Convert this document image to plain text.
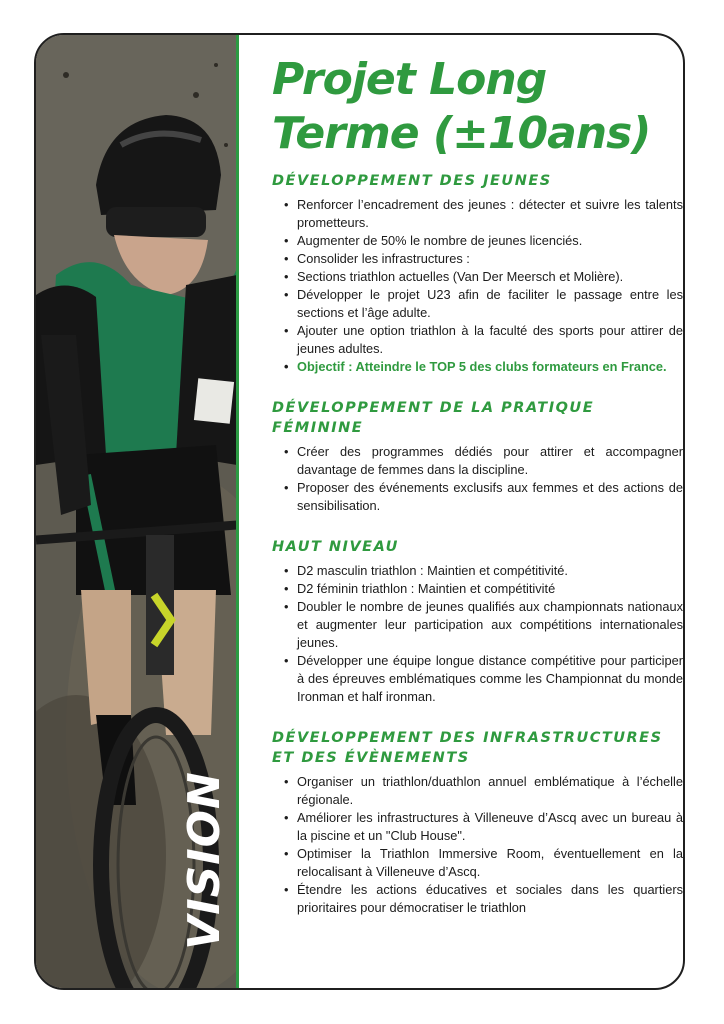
VISION
Projet Long Terme (±10ans)
DÉVELOPPEMENT DES JEUNES
• Renforcer l’encadrement des jeunes : détecter et suivre les talents prometteurs.
• Augmenter de 50% le nombre de jeunes licenciés.
• Consolider les infrastructures :
• Sections triathlon actuelles (Van Der Meersch et Molière).
• Développer le projet U23 afin de faciliter le passage entre les sections et l’âge adulte.
• Ajouter une option triathlon à la faculté des sports pour attirer de jeunes adultes.
• Objectif : Atteindre le TOP 5 des clubs formateurs en France.
DÉVELOPPEMENT DE LA PRATIQUE FÉMININE
• Créer des programmes dédiés pour attirer et accompagner davantage de femmes dans la discipline.
• Proposer des événements exclusifs aux femmes et des actions de sensibilisation.
HAUT NIVEAU
• D2 masculin triathlon : Maintien et compétitivité.
• D2 féminin triathlon : Maintien et compétitivité
• Doubler le nombre de jeunes qualifiés aux championnats nationaux et augmenter leur participation aux compétitions internationales jeunes.
• Développer une équipe longue distance compétitive pour participer à des épreuves emblématiques comme les Championnat du monde Ironman et half ironman.
DÉVELOPPEMENT DES INFRASTRUCTURES ET DES ÉVÈNEMENTS
• Organiser un triathlon/duathlon annuel emblématique à l’échelle régionale.
• Améliorer les infrastructures à Villeneuve d’Ascq avec un bureau à la piscine et un "Club House".
• Optimiser la Triathlon Immersive Room, éventuellement en la relocalisant à Villeneuve d’Ascq.
• Étendre les actions éducatives et sociales dans les quartiers prioritaires pour démocratiser le triathlon
